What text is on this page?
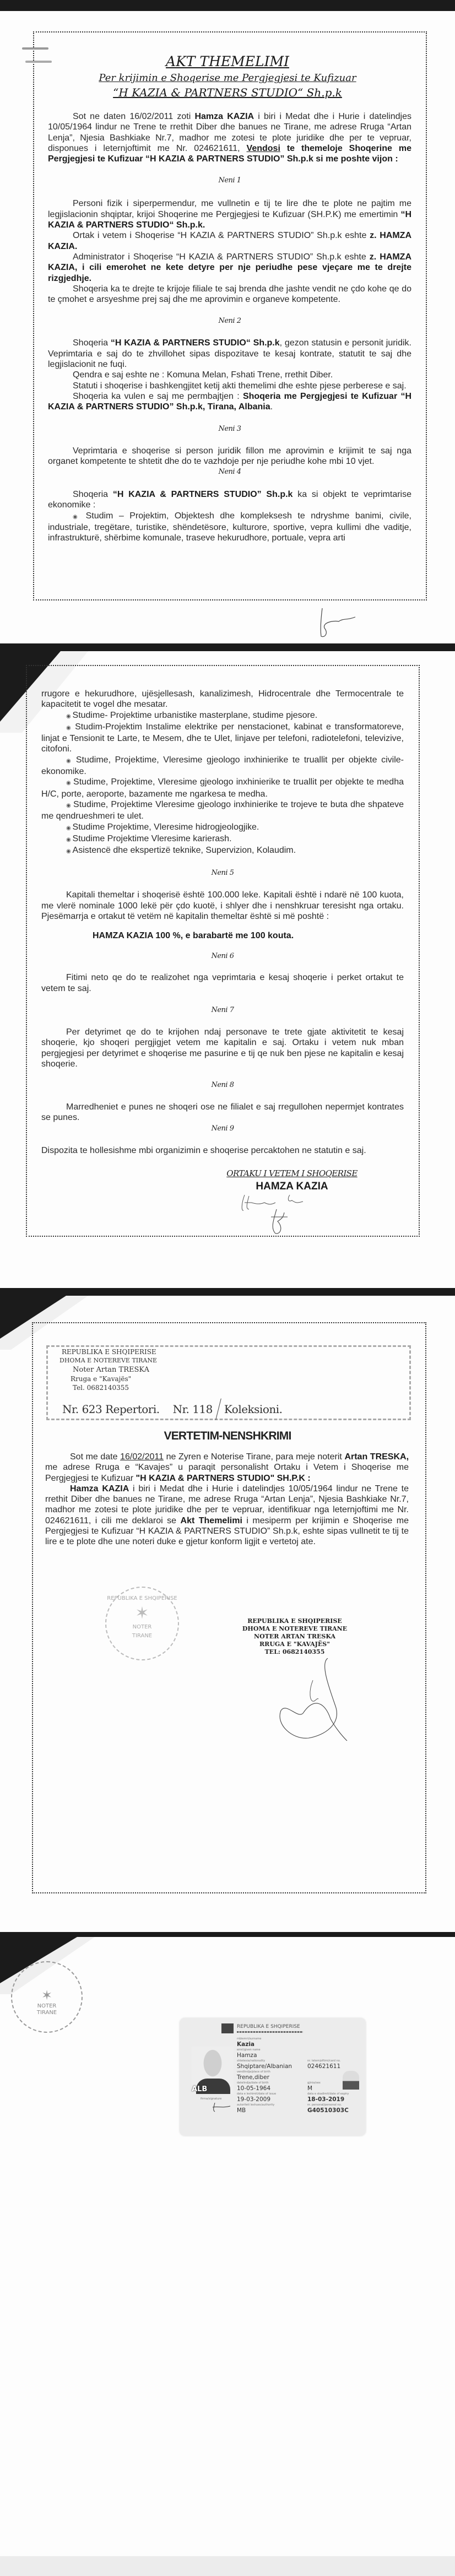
AKT THEMELIMI
Per krijimin e Shoqerise me Pergjegjesi te Kufizuar
“H KAZIA & PARTNERS STUDIO“ Sh.p.k
Sot ne daten 16/02/2011 zoti Hamza KAZIA i biri i Medat dhe i Hurie i datelindjes 10/05/1964 lindur ne Trene te rrethit Diber dhe banues ne Tirane, me adrese Rruga “Artan Lenja”, Njesia Bashkiake Nr.7, madhor me zotesi te plote juridike dhe per te vepruar, disponues i leternjoftimit me Nr. 024621611, Vendosi te themeloje Shoqerine me Pergjegjesi te Kufizuar “H KAZIA & PARTNERS STUDIO” Sh.p.k si me poshte vijon :
Neni 1
Personi fizik i siperpermendur, me vullnetin e tij te lire dhe te plote ne pajtim me legjislacionin shqiptar, krijoi Shoqerine me Pergjegjesi te Kufizuar (SH.P.K) me emertimin “H KAZIA & PARTNERS STUDIO“ Sh.p.k.
Ortak i vetem i Shoqerise “H KAZIA & PARTNERS STUDIO” Sh.p.k eshte z. HAMZA KAZIA.
Administrator i Shoqerise “H KAZIA & PARTNERS STUDIO” Sh.p.k eshte z. HAMZA KAZIA, i cili emerohet ne kete detyre per nje periudhe pese vjeçare me te drejte rizgjedhje.
Shoqeria ka te drejte te krijoje filiale te saj brenda dhe jashte vendit ne çdo kohe qe do te çmohet e arsyeshme prej saj dhe me aprovimin e organeve kompetente.
Neni 2
Shoqeria “H KAZIA & PARTNERS STUDIO“ Sh.p.k, gezon statusin e personit juridik. Veprimtaria e saj do te zhvillohet sipas dispozitave te kesaj kontrate, statutit te saj dhe legjislacionit ne fuqi.
Qendra e saj eshte ne : Komuna Melan, Fshati Trene, rrethit Diber.
Statuti i shoqerise i bashkengjitet ketij akti themelimi dhe eshte pjese perberese e saj.
Shoqeria ka vulen e saj me permbajtjen : Shoqeria me Pergjegjesi te Kufizuar “H KAZIA & PARTNERS STUDIO” Sh.p.k, Tirana, Albania.
Neni 3
Veprimtaria e shoqerise si person juridik fillon me aprovimin e krijimit te saj nga organet kompetente te shtetit dhe do te vazhdoje per nje periudhe kohe mbi 10 vjet.
Neni 4
Shoqeria “H KAZIA & PARTNERS STUDIO” Sh.p.k ka si objekt te veprimtarise ekonomike :
◉ Studim – Projektim, Objektesh dhe kompleksesh te ndryshme banimi, civile, industriale, tregëtare, turistike, shëndetësore, kulturore, sportive, vepra kullimi dhe vaditje, infrastrukturë, shërbime komunale, traseve hekurudhore, portuale, vepra arti
rrugore e hekurudhore, ujësjellesash, kanalizimesh, Hidrocentrale dhe Termocentrale te kapacitetit te vogel dhe mesatar.
◉ Studime- Projektime urbanistike masterplane, studime pjesore.
◉ Studim-Projektim Instalime elektrike per nenstacionet, kabinat e transformatoreve, linjat e Tensionit te Larte, te Mesem, dhe te Ulet, linjave per telefoni, radiotelefoni, televizive, citofoni.
◉ Studime, Projektime, Vleresime gjeologo inxhinierike te truallit per objekte civile-ekonomike.
◉ Studime, Projektime, Vleresime gjeologo inxhinierike te truallit per objekte te medha H/C, porte, aeroporte, bazamente me ngarkesa te medha.
◉ Studime, Projektime Vleresime gjeologo inxhinierike te trojeve te buta dhe shpateve me qendrueshmeri te ulet.
◉ Studime Projektime, Vleresime hidrogjeologjike.
◉ Studime Projektime Vleresime karierash.
◉ Asistencë dhe ekspertizë teknike, Supervizion, Kolaudim.
Neni 5
Kapitali themeltar i shoqerisë është 100.000 leke. Kapitali është i ndarë në 100 kuota, me vlerë nominale 1000 lekë për çdo kuotë, i shlyer dhe i nenshkruar teresisht nga ortaku. Pjesëmarrja e ortakut të vetëm në kapitalin themeltar është si më poshtë :
HAMZA KAZIA 100 %, e barabartë me 100 kouta.
Neni 6
Fitimi neto qe do te realizohet nga veprimtaria e kesaj shoqerie i perket ortakut te vetem te saj.
Neni 7
Per detyrimet qe do te krijohen ndaj personave te trete gjate aktivitetit te kesaj shoqerie, kjo shoqeri pergjigjet vetem me kapitalin e saj. Ortaku i vetem nuk mban pergjegjesi per detyrimet e shoqerise me pasurine e tij qe nuk ben pjese ne kapitalin e kesaj shoqerie.
Neni 8
Marredheniet e punes ne shoqeri ose ne filialet e saj rregullohen nepermjet kontrates se punes.
Neni 9
Dispozita te hollesishme mbi organizimin e shoqerise percaktohen ne statutin e saj.
ORTAKU I VETEM I SHOQERISE
HAMZA KAZIA
REPUBLIKA E SHQIPERISE
DHOMA E NOTEREVE TIRANE
Noter Artan TRESKA
Rruga e "Kavajës"
Tel. 0682140355
Nr. 623 Repertori. Nr. 118 Koleksioni.
VERTETIM-NENSHKRIMI
Sot me date 16/02/2011 ne Zyren e Noterise Tirane, para meje noterit Artan TRESKA, me adrese Rruga e “Kavajes” u paraqit personalisht Ortaku i Vetem i Shoqerise me Pergjegjesi te Kufizuar "H KAZIA & PARTNERS STUDIO" SH.P.K :
Hamza KAZIA i biri i Medat dhe i Hurie i datelindjes 10/05/1964 lindur ne Trene te rrethit Diber dhe banues ne Tirane, me adrese Rruga “Artan Lenja”, Njesia Bashkiake Nr.7, madhor me zotesi te plote juridike dhe per te vepruar, identifikuar nga leternjoftimi me Nr. 024621611, i cili me deklaroi se Akt Themelimi i mesiperm per krijimin e Shoqerise me Pergjegjesi te Kufizuar “H KAZIA & PARTNERS STUDIO” Sh.p.k, eshte sipas vullnetit te tij te lire e te plote dhe une noteri duke e gjetur konform ligjit e vertetoj ate.
REPUBLIKA E SHQIPERISE
✶
NOTER
TIRANE
REPUBLIKA E SHQIPERISE
DHOMA E NOTEREVE TIRANE
NOTER ARTAN TRESKA
RRUGA E "KAVAJËS"
TEL: 0682140355
✶
NOTER
TIRANE
REPUBLIKA E SHQIPERISE
ALB
firma/signature
mbiemri/surname
Kazia
emri/given name
Hamza
shtetesia/nationality
Shqiptare/Albanian
vendlindja/place of birth
Trene,diber
datelindja/date of birth
10-05-1964
data e leshimit/date of issue
19-03-2009
autoriteti leshues/authority
MB
nr. leternjoftimi/card no.
024621611
gjinia/sex
M
data e skadimit/date of expiry
18-03-2019
nr. personal/personal no.
G40510303C
